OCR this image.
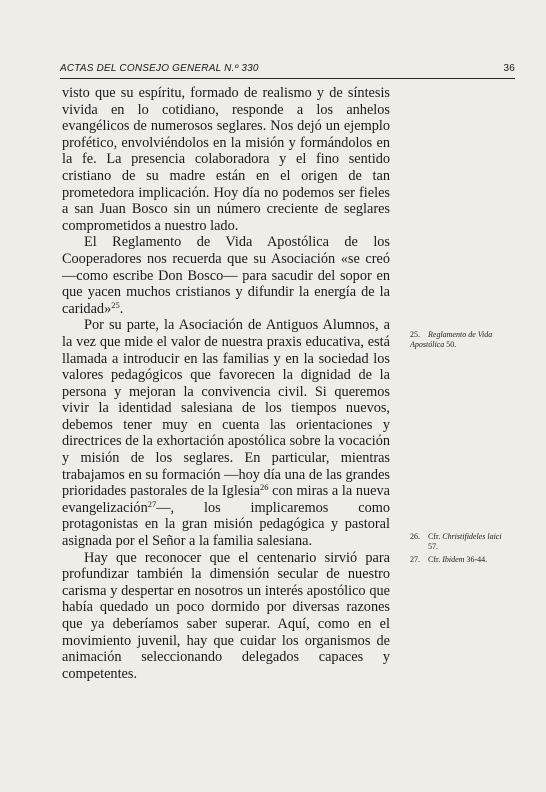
ACTAS DEL CONSEJO GENERAL N.º 330	36

visto que su espíritu, formado de realismo y de síntesis vivida en lo cotidiano, responde a los anhelos evangélicos de numerosos seglares. Nos dejó un ejemplo profético, envolviéndolos en la misión y formándolos en la fe. La presencia colaboradora y el fino sentido cristiano de su madre están en el origen de tan prometedora implicación. Hoy día no podemos ser fieles a san Juan Bosco sin un número creciente de seglares comprometidos a nuestro lado.

El Reglamento de Vida Apostólica de los Cooperadores nos recuerda que su Asociación «se creó —como escribe Don Bosco— para sacudir del sopor en que yacen muchos cristianos y difundir la energía de la caridad»$^{25}$.

Por su parte, la Asociación de Antiguos Alumnos, a la vez que mide el valor de nuestra praxis educativa, está llamada a introducir en las familias y en la sociedad los valores pedagógicos que favorecen la dignidad de la persona y mejoran la convivencia civil. Si queremos vivir la identidad salesiana de los tiempos nuevos, debemos tener muy en cuenta las orientaciones y directrices de la exhortación apostólica sobre la vocación y misión de los seglares. En particular, mientras trabajamos en su formación —hoy día una de las grandes prioridades pastorales de la Iglesia$^{26}$ con miras a la nueva evangelización$^{27}$—, los implicaremos como protagonistas en la gran misión pedagógica y pastoral asignada por el Señor a la familia salesiana.

Hay que reconocer que el centenario sirvió para profundizar también la dimensión secular de nuestro carisma y despertar en nosotros un interés apostólico que había quedado un poco dormido por diversas razones que ya deberíamos saber superar. Aquí, como en el movimiento juvenil, hay que cuidar los organismos de animación seleccionando delegados capaces y competentes.

25. Reglamento de Vida Apostólica 50.
26. Cfr. Christifideles laici
57.
27. Cfr. Ibídem 36-44.
